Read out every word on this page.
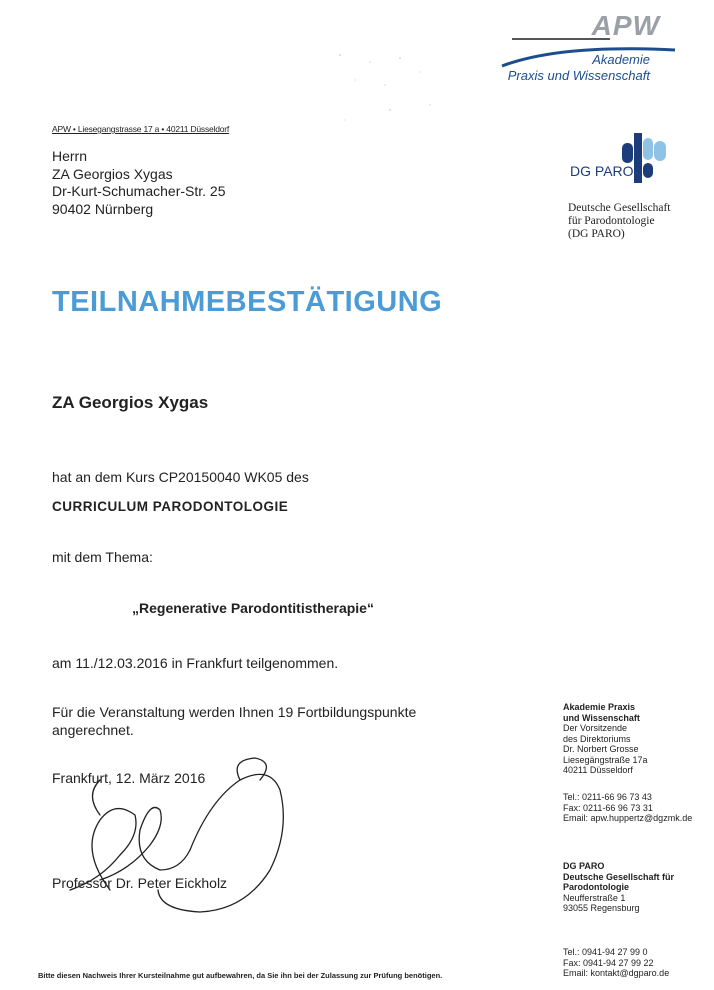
APW
Akademie
Praxis und Wissenschaft
DG PARO
Deutsche Gesellschaft
für Parodontologie
(DG PARO)
APW • Liesegangstrasse 17 a • 40211 Düsseldorf
Herrn
ZA Georgios Xygas
Dr-Kurt-Schumacher-Str. 25
90402 Nürnberg
TEILNAHMEBESTÄTIGUNG
ZA Georgios Xygas
hat an dem Kurs CP20150040 WK05 des
CURRICULUM PARODONTOLOGIE
mit dem Thema:
„Regenerative Parodontitistherapie“
am 11./12.03.2016 in Frankfurt teilgenommen.
Für die Veranstaltung werden Ihnen 19 Fortbildungspunkte
angerechnet.
Frankfurt, 12. März 2016
Professor Dr. Peter Eickholz
Akademie Praxis
und Wissenschaft
Der Vorsitzende
des Direktoriums
Dr. Norbert Grosse
Liesegängstraße 17a
40211 Düsseldorf
Tel.: 0211-66 96 73 43
Fax: 0211-66 96 73 31
Email: apw.huppertz@dgzmk.de
DG PARO
Deutsche Gesellschaft für
Parodontologie
Neufferstraße 1
93055 Regensburg
Tel.: 0941-94 27 99 0
Fax: 0941-94 27 99 22
Email: kontakt@dgparo.de
Bitte diesen Nachweis Ihrer Kursteilnahme gut aufbewahren, da Sie ihn bei der Zulassung zur Prüfung benötigen.
